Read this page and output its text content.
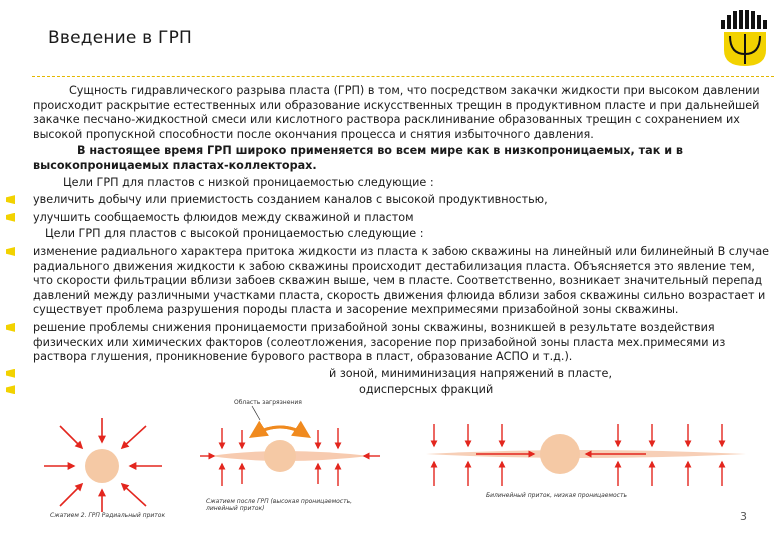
Введение в ГРП

Сущность гидравлического разрыва пласта (ГРП) в том, что посредством закачки жидкости при высоком давлении происходит раскрытие естественных или образование искусственных трещин в продуктивном пласте и при дальнейшей закачке песчано-жидкостной смеси или кислотного раствора расклинивание образованных трещин с сохранением их высокой пропускной способности после окончания процесса и снятия избыточного давления.

В настоящее время ГРП широко применяется во всем мире как в низкопроницаемых, так и в высокопроницаемых пластах-коллекторах.

Цели ГРП для пластов с низкой проницаемостью следующие :

увеличить добычу или приемистость созданием каналов с высокой продуктивностью,

улучшить сообщаемость флюидов между скважиной и пластом

Цели ГРП для пластов с высокой проницаемостью следующие :

изменение радиального характера притока жидкости из пласта к забою скважины на линейный или билинейный В случае радиального движения жидкости к забою скважины происходит дестабилизация пласта. Объясняется это явление тем, что скорости фильтрации вблизи забоев скважин выше, чем в пласте. Соответственно, возникает значительный перепад давлений между различными участками пласта, скорость движения флюида вблизи забоя скважины сильно возрастает и существует проблема разрушения породы пласта и засорение мехпримесями призабойной зоны скважины.

решение проблемы снижения проницаемости призабойной зоны скважины, возникшей в результате воздействия физических или химических факторов (солеотложения, засорение пор призабойной зоны пласта мех.примесями из раствора глушения, проникновение бурового раствора в пласт, образование АСПО и т.д.).

й зоной, миниминизация напряжений в пласте,

одисперсных фракций

Сжатием 2. ГРП Радиальный приток
Область загрязнения
Сжатием после ГРП (высокая проницаемость, линейный приток)
Билинейный приток, низкая проницаемость
3
